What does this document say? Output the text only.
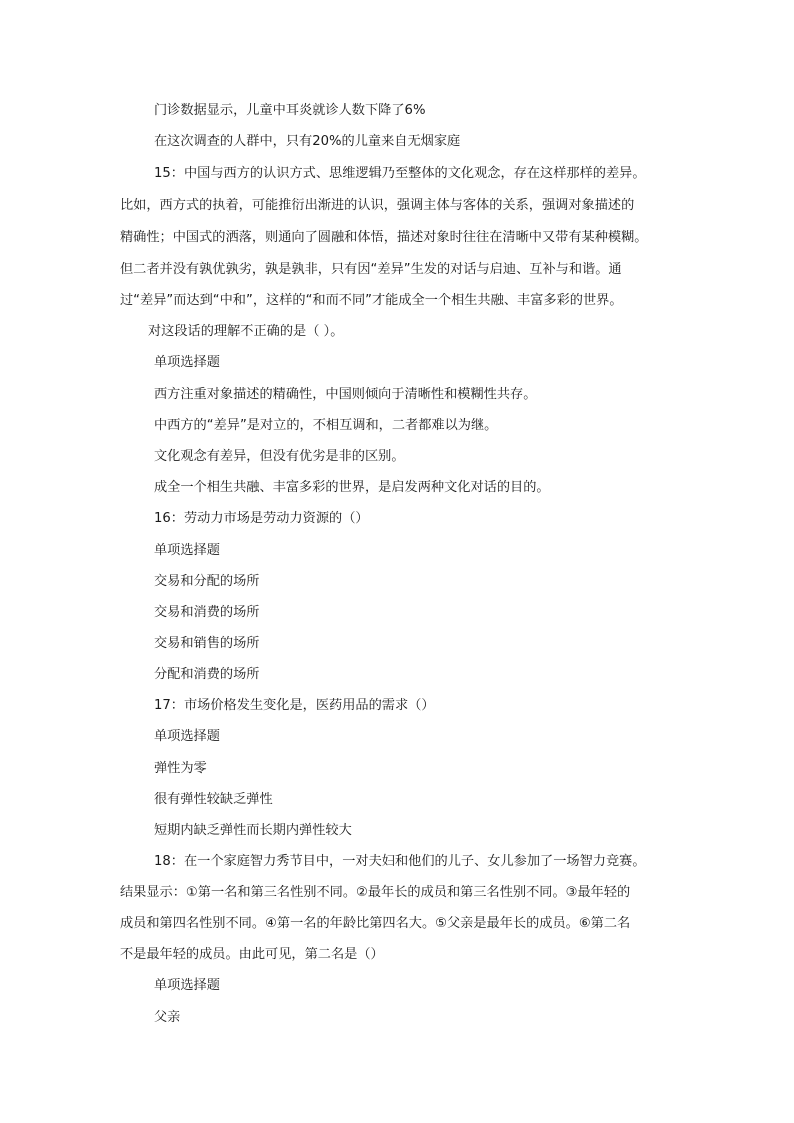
门诊数据显示，儿童中耳炎就诊人数下降了6%
在这次调查的人群中，只有20%的儿童来自无烟家庭
15：中国与西方的认识方式、思维逻辑乃至整体的文化观念，存在这样那样的差异。
比如，西方式的执着，可能推衍出渐进的认识，强调主体与客体的关系，强调对象描述的
精确性；中国式的洒落，则通向了圆融和体悟，描述对象时往往在清晰中又带有某种模糊。
但二者并没有孰优孰劣，孰是孰非，只有因“差异”生发的对话与启迪、互补与和谐。通
过“差异”而达到“中和”，这样的“和而不同”才能成全一个相生共融、丰富多彩的世界。
对这段话的理解不正确的是（ ）。
单项选择题
西方注重对象描述的精确性，中国则倾向于清晰性和模糊性共存。
中西方的“差异”是对立的，不相互调和，二者都难以为继。
文化观念有差异，但没有优劣是非的区别。
成全一个相生共融、丰富多彩的世界，是启发两种文化对话的目的。
16：劳动力市场是劳动力资源的（）
单项选择题
交易和分配的场所
交易和消费的场所
交易和销售的场所
分配和消费的场所
17：市场价格发生变化是，医药用品的需求（）
单项选择题
弹性为零
很有弹性较缺乏弹性
短期内缺乏弹性而长期内弹性较大
18：在一个家庭智力秀节目中，一对夫妇和他们的儿子、女儿参加了一场智力竞赛。
结果显示：①第一名和第三名性别不同。②最年长的成员和第三名性别不同。③最年轻的
成员和第四名性别不同。④第一名的年龄比第四名大。⑤父亲是最年长的成员。⑥第二名
不是最年轻的成员。由此可见，第二名是（）
单项选择题
父亲
